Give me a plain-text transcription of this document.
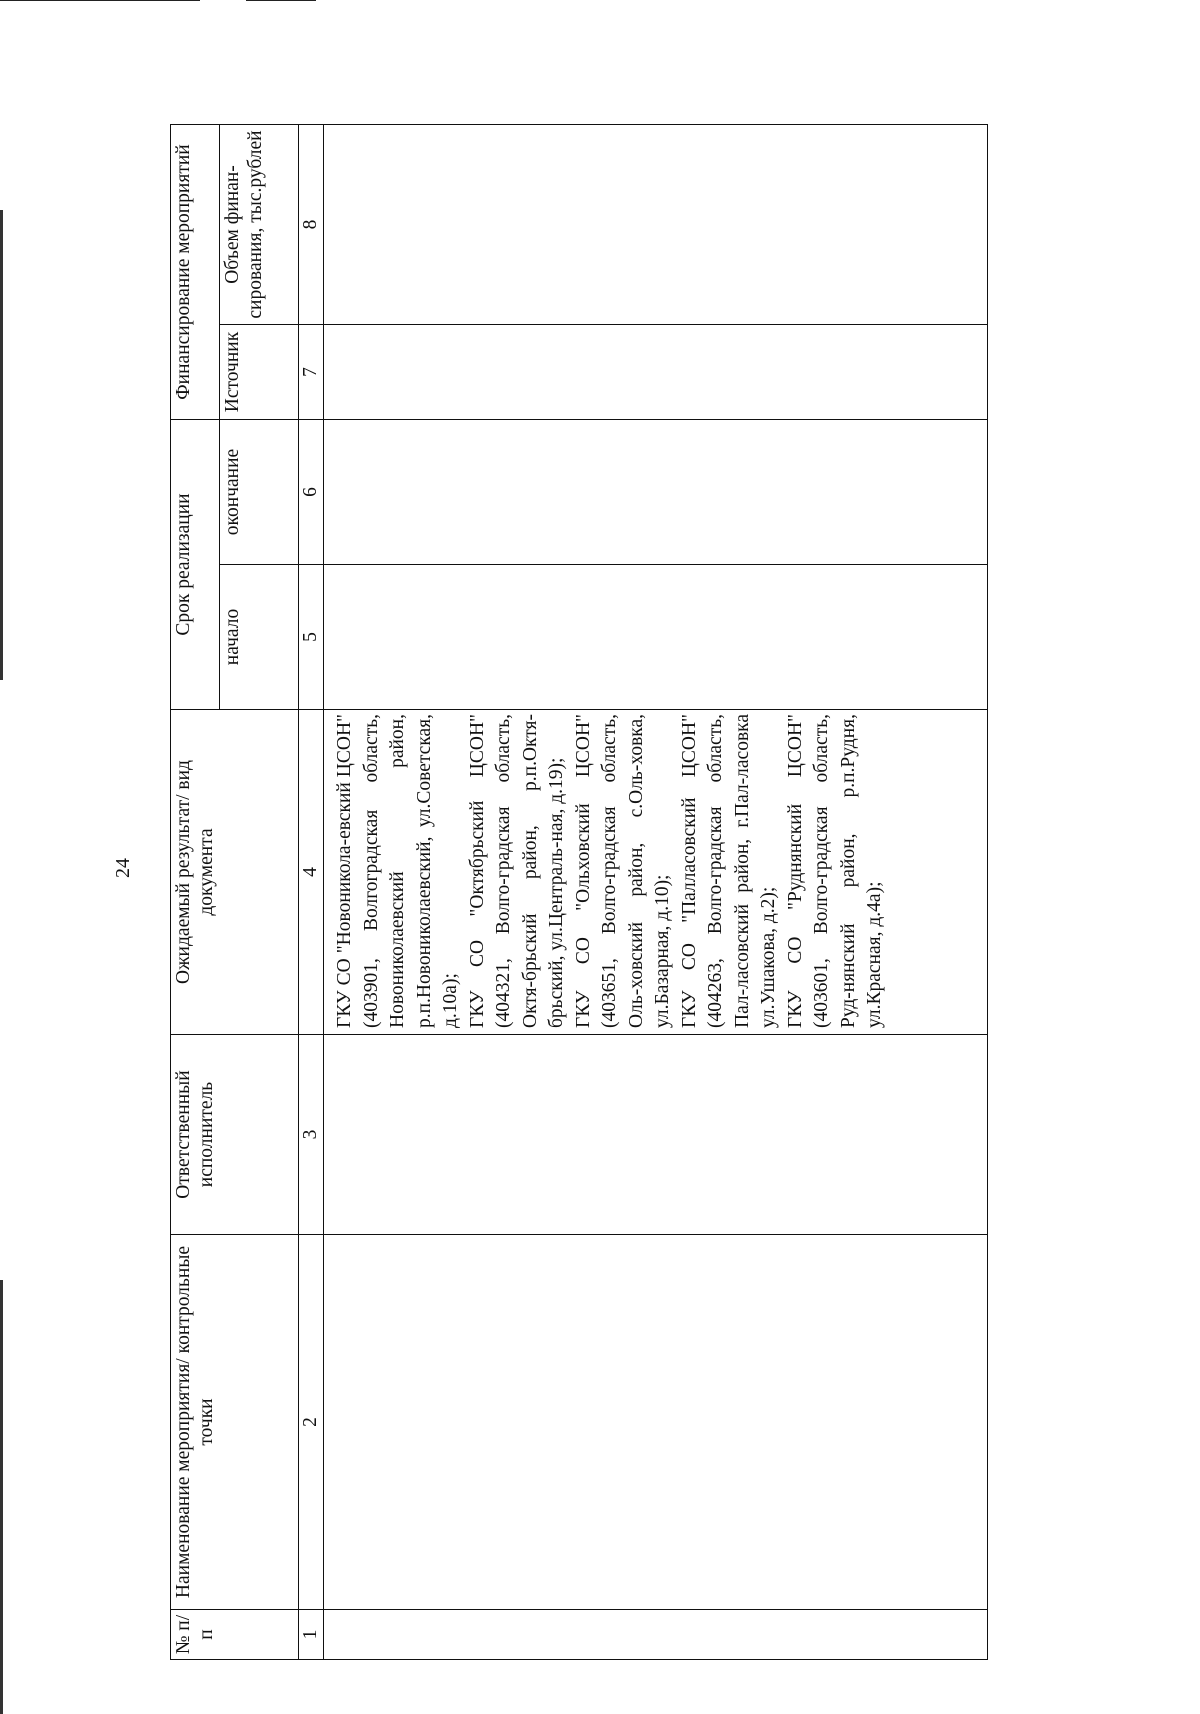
24
№ п/п	Наименование мероприятия/ контрольные точки	Ответственный исполнитель	Ожидаемый результат/ вид документа	Срок реализации		Финансирование мероприятий	
				начало	окончание	Источник	Объем финан-сирования, тыс.рублей
1	2	3	4	5	6	7	8

			ГКУ СО "Новоникола-евский ЦСОН" (403901, Волгоградская область, Новониколаевский район, р.п.Новониколаевский, ул.Советская, д.10а); ГКУ СО "Октябрьский ЦСОН" (404321, Волго-градская область, Октя-брьский район, р.п.Октя-брьский, ул.Централь-ная, д.19); ГКУ СО "Ольховский ЦСОН" (403651, Волго-градская область, Оль-ховский район, с.Оль-ховка, ул.Базарная, д.10); ГКУ СО "Палласовский ЦСОН" (404263, Волго-градская область, Пал-ласовский район, г.Пал-ласовка ул.Ушакова, д.2); ГКУ СО "Руднянский ЦСОН" (403601, Волго-градская область, Руд-нянский район, р.п.Рудня, ул.Красная, д.4а);				
